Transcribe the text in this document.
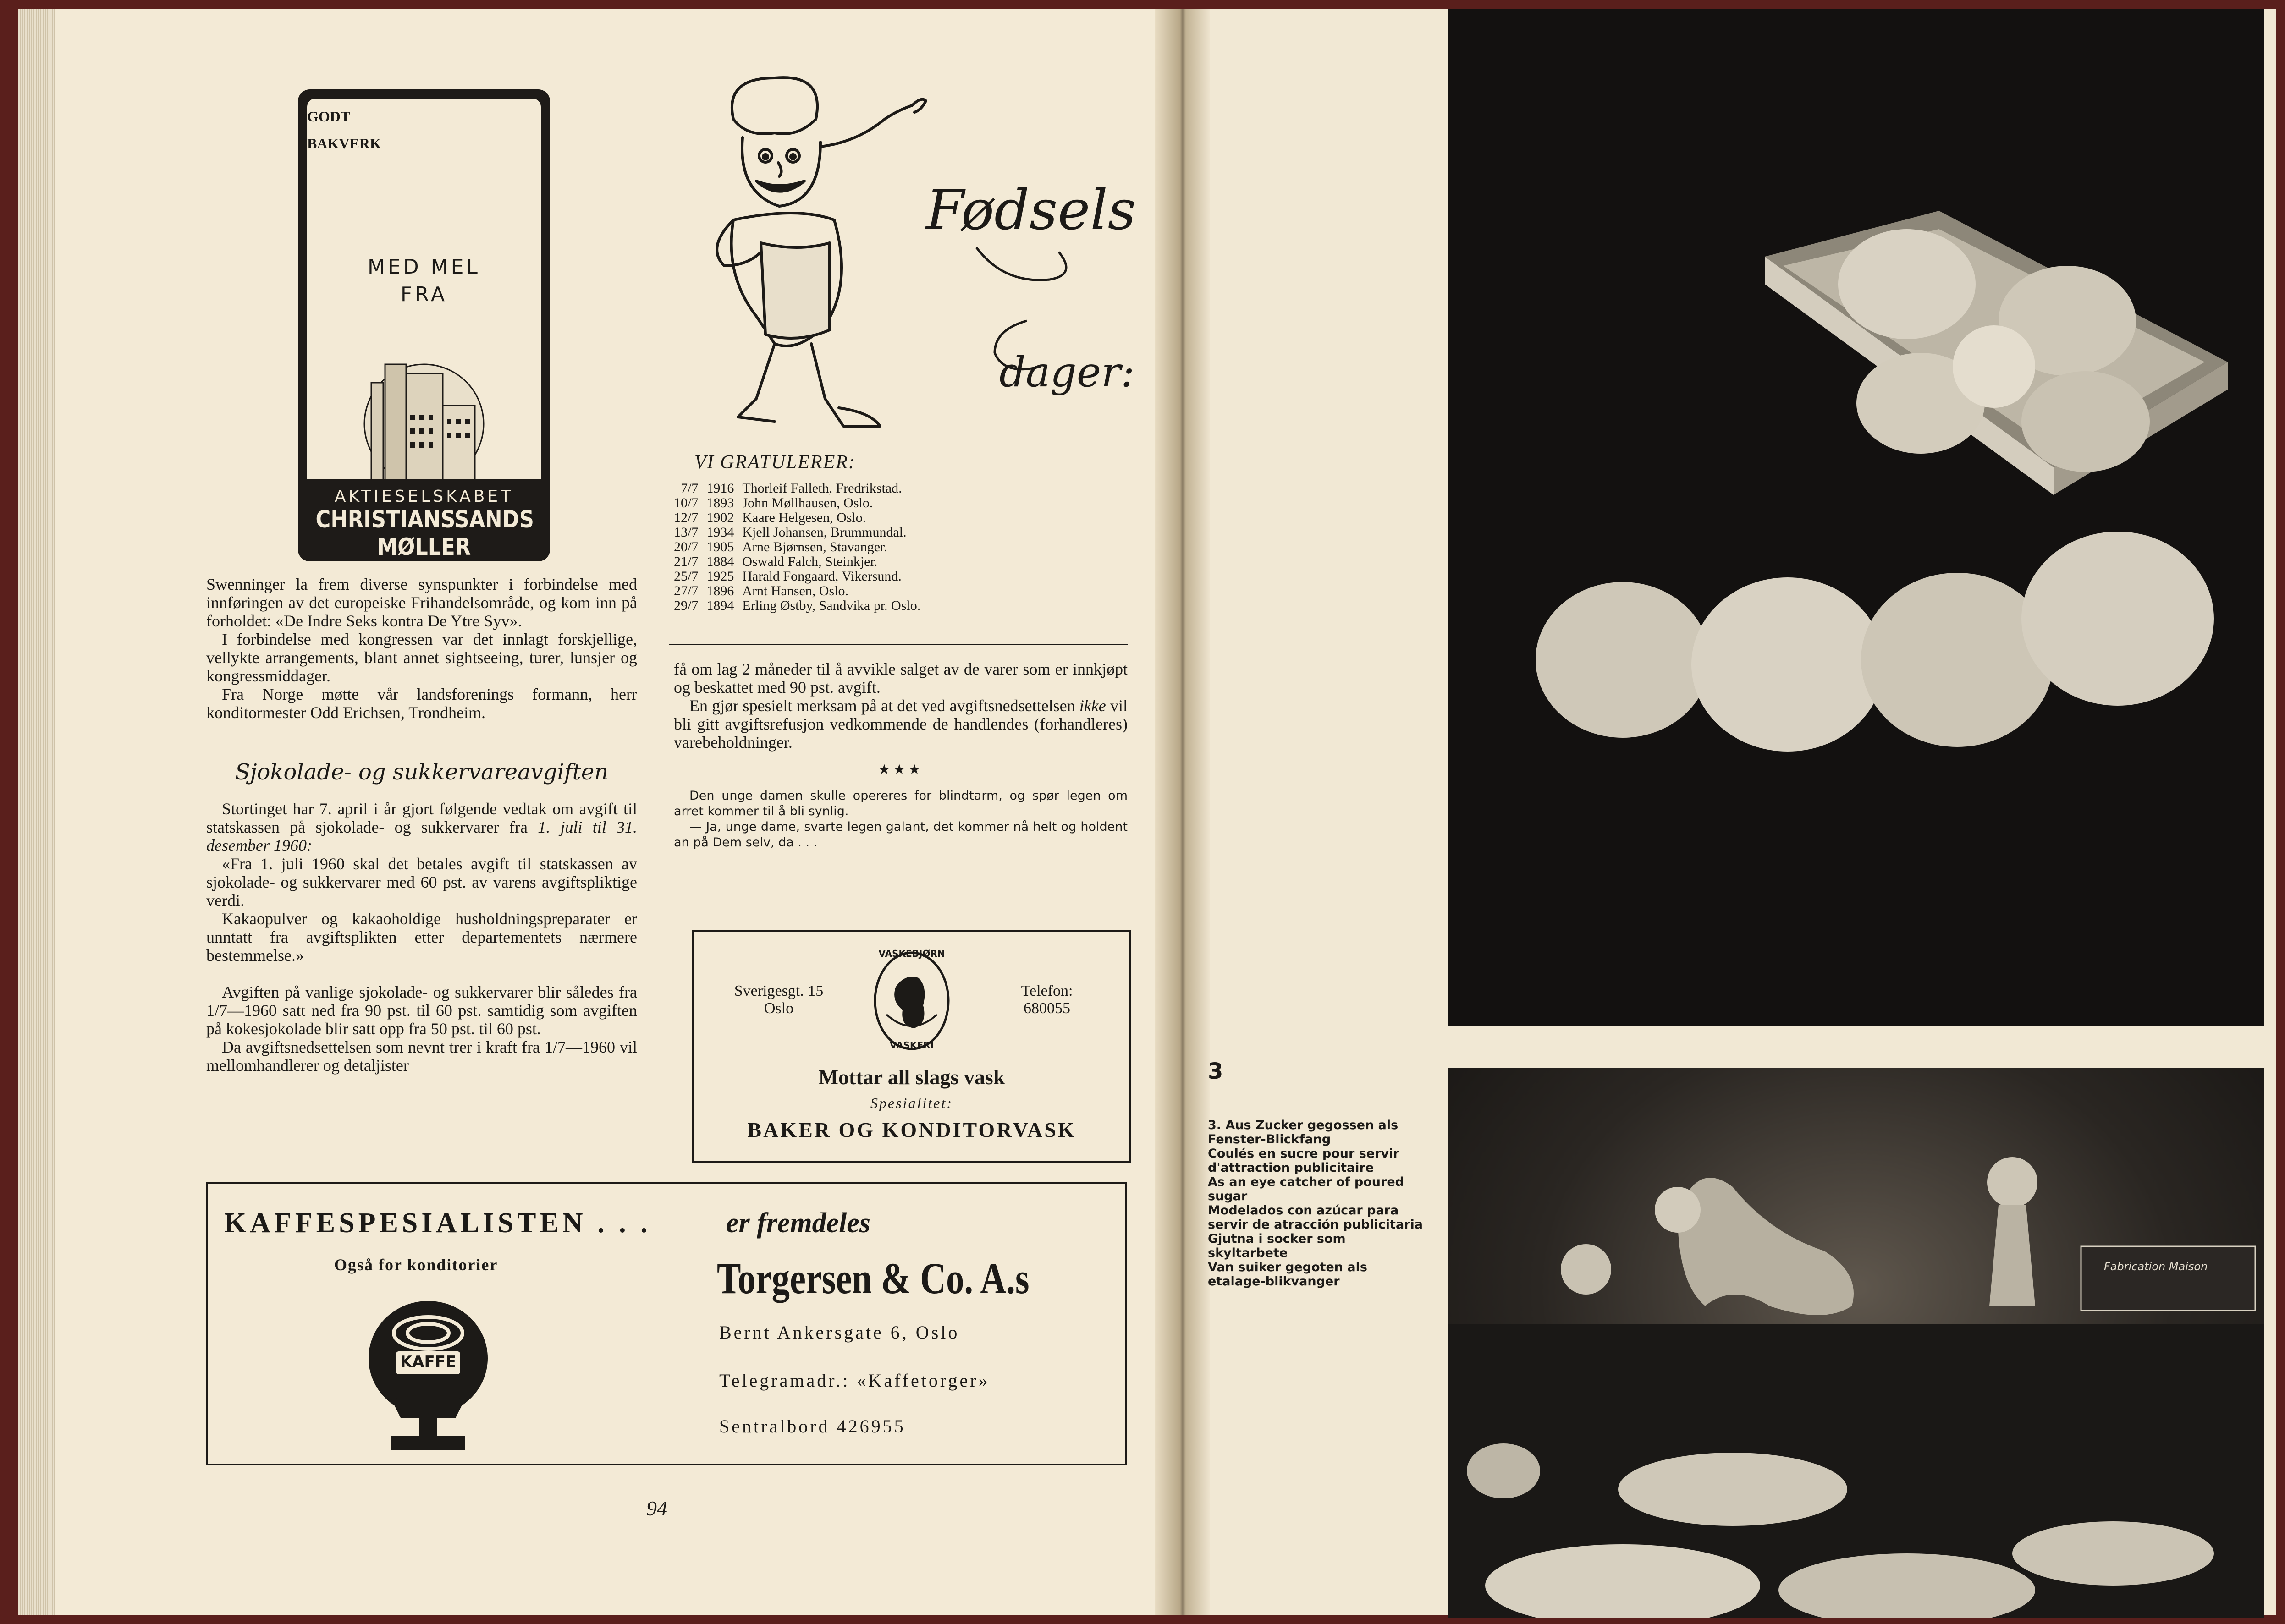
GODT
BAKVERK
MED MEL
FRA
AKTIESELSKABET
CHRISTIANSSANDS MØLLER
KRISTIANSAND S.
Fødsels
dager:
VI GRATULERER:
7/7	1916	Thorleif Falleth, Fredrikstad.
10/7	1893	John Møllhausen, Oslo.
12/7	1902	Kaare Helgesen, Oslo.
13/7	1934	Kjell Johansen, Brummundal.
20/7	1905	Arne Bjørnsen, Stavanger.
21/7	1884	Oswald Falch, Steinkjer.
25/7	1925	Harald Fongaard, Vikersund.
27/7	1896	Arnt Hansen, Oslo.
29/7	1894	Erling Østby, Sandvika pr. Oslo.

Swenninger la frem diverse synspunkter i forbindelse med innføringen av det europeiske Frihandelsområde, og kom inn på forholdet: «De Indre Seks kontra De Ytre Syv».

I forbindelse med kongressen var det innlagt forskjellige, vellykte arrangements, blant annet sightseeing, turer, lunsjer og kongressmiddager.

Fra Norge møtte vår landsforenings formann, herr konditormester Odd Erichsen, Trondheim.

Sjokolade- og sukkervareavgiften

Stortinget har 7. april i år gjort følgende vedtak om avgift til statskassen på sjokolade- og sukkervarer fra 1. juli til 31. desember 1960:

«Fra 1. juli 1960 skal det betales avgift til statskassen av sjokolade- og sukkervarer med 60 pst. av varens avgiftspliktige verdi.

Kakaopulver og kakaoholdige husholdningspreparater er unntatt fra avgiftsplikten etter departementets nærmere bestemmelse.»

Avgiften på vanlige sjokolade- og sukkervarer blir således fra 1/7—1960 satt ned fra 90 pst. til 60 pst. samtidig som avgiften på kokesjokolade blir satt opp fra 50 pst. til 60 pst.

Da avgiftsnedsettelsen som nevnt trer i kraft fra 1/7—1960 vil mellomhandlerer og detaljister

få om lag 2 måneder til å avvikle salget av de varer som er innkjøpt og beskattet med 90 pst. avgift.

En gjør spesielt merksam på at det ved avgiftsnedsettelsen ikke vil bli gitt avgiftsrefusjon vedkommende de handlendes (forhandleres) varebeholdninger.

★★★

Den unge damen skulle opereres for blindtarm, og spør legen om arret kommer til å bli synlig.

— Ja, unge dame, svarte legen galant, det kommer nå helt og holdent an på Dem selv, da . . .

Sverigesgt. 15
Oslo
Telefon:
680055
VASKEBJØRN
VASKERI
Mottar all slags vask
Spesialitet:
BAKER OG KONDITORVASK
KAFFESPESIALISTEN . . .	er fremdeles
Også for konditorier
KAFFE
Torgersen & Co. A.s
Bernt Ankersgate 6, Oslo
Telegramadr.: «Kaffetorger»
Sentralbord 426955
94
3
3. Aus Zucker gegossen als Fenster-Blickfang
Coulés en sucre pour servir d'attraction publicitaire
As an eye catcher of poured sugar
Modelados con azúcar para servir de atracción publicitaria
Gjutna i socker som skyltarbete
Van suiker gegoten als etalage-blikvanger
Fabrication Maison
